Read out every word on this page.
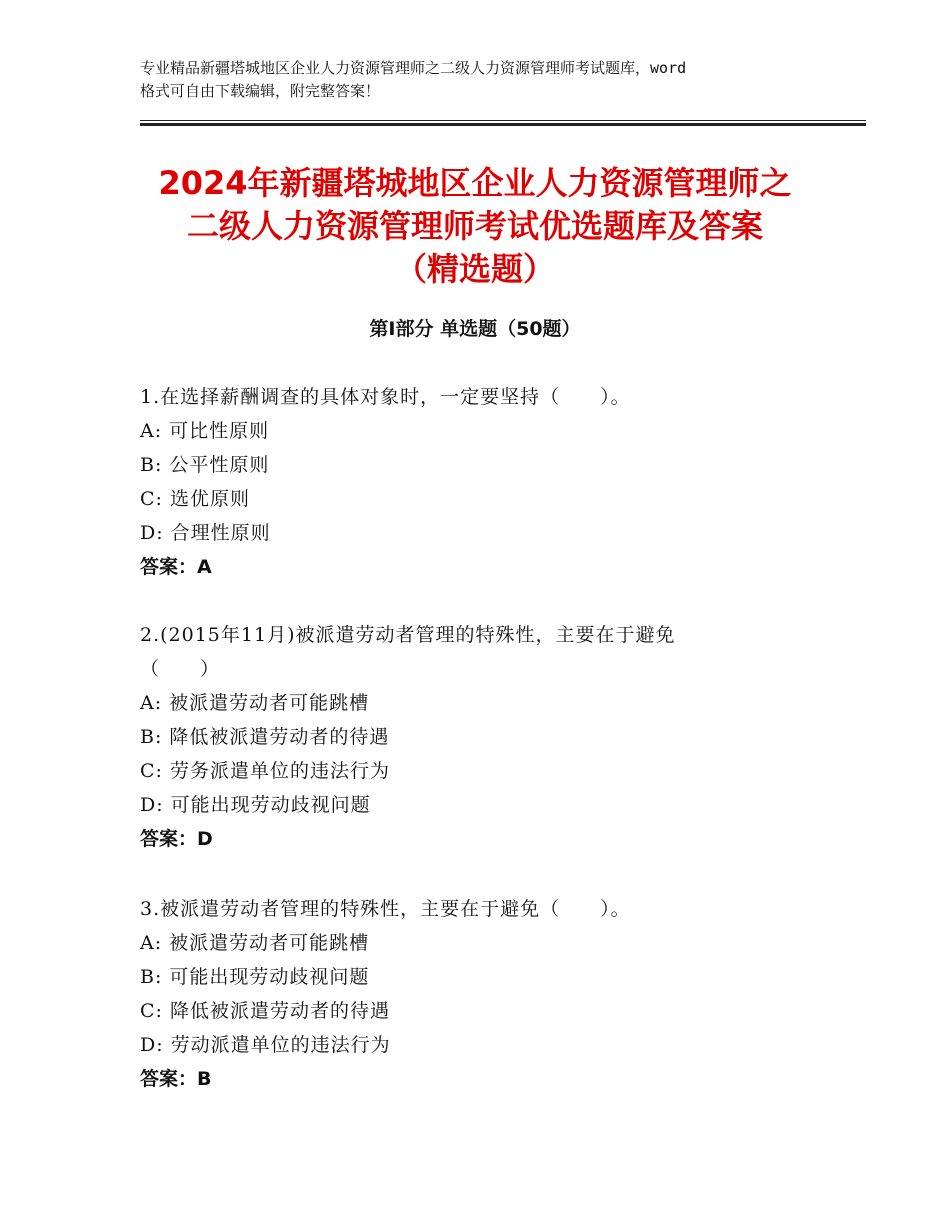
专业精品新疆塔城地区企业人力资源管理师之二级人力资源管理师考试题库，word
格式可自由下载编辑，附完整答案！
2024年新疆塔城地区企业人力资源管理师之
二级人力资源管理师考试优选题库及答案
（精选题）
第Ⅰ部分 单选题（50题）
1.在选择薪酬调查的具体对象时，一定要坚持（　　）。
A: 可比性原则
B: 公平性原则
C: 选优原则
D: 合理性原则
答案：A
2.(2015年11月)被派遣劳动者管理的特殊性，主要在于避免
（　　）
A: 被派遣劳动者可能跳槽
B: 降低被派遣劳动者的待遇
C: 劳务派遣单位的违法行为
D: 可能出现劳动歧视问题
答案：D
3.被派遣劳动者管理的特殊性，主要在于避免（　　）。
A: 被派遣劳动者可能跳槽
B: 可能出现劳动歧视问题
C: 降低被派遣劳动者的待遇
D: 劳动派遣单位的违法行为
答案：B
